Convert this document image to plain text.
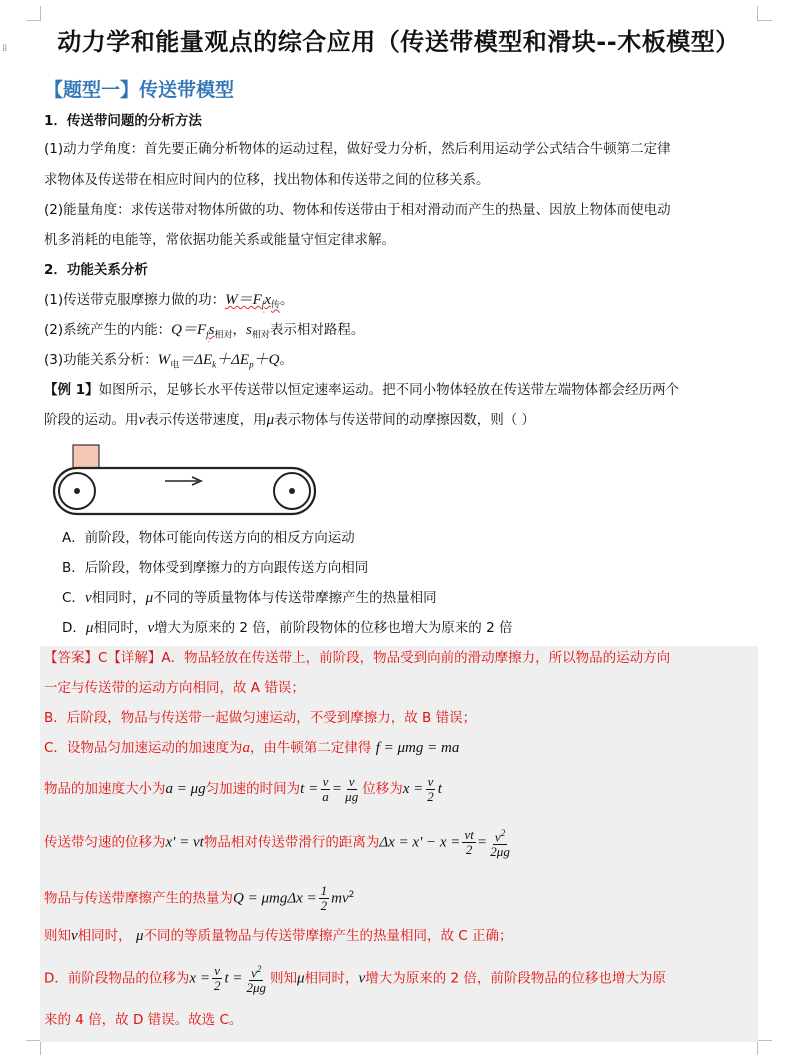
⁞⁞	动力学和能量观点的综合应用（传送带模型和滑块--木板模型）
【题型一】传送带模型
1．传送带问题的分析方法
(1)动力学角度：首先要正确分析物体的运动过程，做好受力分析，然后利用运动学公式结合牛顿第二定律
求物体及传送带在相应时间内的位移，找出物体和传送带之间的位移关系。
(2)能量角度：求传送带对物体所做的功、物体和传送带由于相对滑动而产生的热量、因放上物体而使电动
机多消耗的电能等，常依据功能关系或能量守恒定律求解。
2．功能关系分析
(1)传送带克服摩擦力做的功：$W=F_fx_传$。
(2)系统产生的内能：$Q=F_fs_{相对}$，$s_{相对}$表示相对路程。
(3)功能关系分析：$W_电=\Delta E_k+\Delta E_p+Q$。
【例 1】如图所示，足够长水平传送带以恒定速率运动。把不同小物体轻放在传送带左端物体都会经历两个
阶段的运动。用v表示传送带速度，用μ表示物体与传送带间的动摩擦因数，则（ ）
A．前阶段，物体可能向传送方向的相反方向运动
B．后阶段，物体受到摩擦力的方向跟传送方向相同
C．v相同时，μ不同的等质量物体与传送带摩擦产生的热量相同
D．μ相同时，v增大为原来的 2 倍，前阶段物体的位移也增大为原来的 2 倍
【答案】C【详解】A．物品轻放在传送带上，前阶段，物品受到向前的滑动摩擦力，所以物品的运动方向
一定与传送带的运动方向相同，故 A 错误；
B．后阶段，物品与传送带一起做匀速运动，不受到摩擦力，故 B 错误；
C．设物品匀加速运动的加速度为a，由牛顿第二定律得 f = μmg = ma
物品的加速度大小为a = μg匀加速的时间为$t = \frac{v}{a} = \frac{v}{\mu g}$ 位移为$x = \frac{v}{2}$ t
传送带匀速的位移为x' = vt物品相对传送带滑行的距离为$\Delta x = x' - x = \frac{vt}{2} = \frac{v^2}{2\mu g}$
物品与传送带摩擦产生的热量为$Q = \mu mg\Delta x = \frac{1}{2} mv^2$
则知v相同时， μ不同的等质量物品与传送带摩擦产生的热量相同，故 C 正确；
D．前阶段物品的位移为$x = \frac{v}{2}$ $t = \frac{v^2}{2\mu g}$ 则知μ相同时，v增大为原来的 2 倍，前阶段物品的位移也增大为原
来的 4 倍，故 D 错误。故选 C。
